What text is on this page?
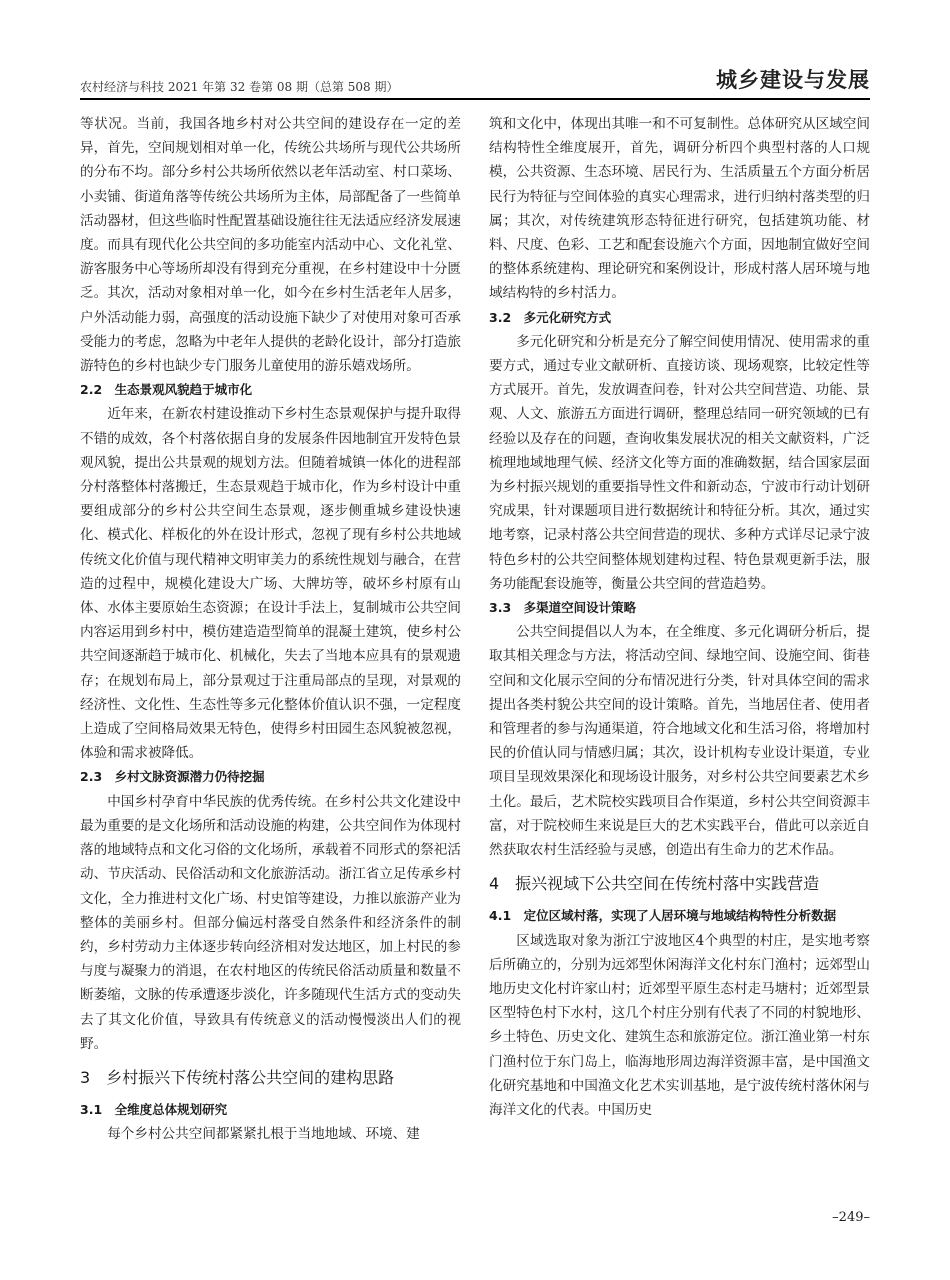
农村经济与科技 2021 年第 32 卷第 08 期（总第 508 期）	城乡建设与发展

等状况。当前，我国各地乡村对公共空间的建设存在一定的差异，首先，空间规划相对单一化，传统公共场所与现代公共场所的分布不均。部分乡村公共场所依然以老年活动室、村口菜场、小卖铺、街道角落等传统公共场所为主体，局部配备了一些简单活动器材，但这些临时性配置基础设施往往无法适应经济发展速度。而具有现代化公共空间的多功能室内活动中心、文化礼堂、游客服务中心等场所却没有得到充分重视，在乡村建设中十分匮乏。其次，活动对象相对单一化，如今在乡村生活老年人居多，户外活动能力弱，高强度的活动设施下缺少了对使用对象可否承受能力的考虑，忽略为中老年人提供的老龄化设计，部分打造旅游特色的乡村也缺少专门服务儿童使用的游乐嬉戏场所。

2.2　生态景观风貌趋于城市化

近年来，在新农村建设推动下乡村生态景观保护与提升取得不错的成效，各个村落依据自身的发展条件因地制宜开发特色景观风貌，提出公共景观的规划方法。但随着城镇一体化的进程部分村落整体村落搬迁，生态景观趋于城市化，作为乡村设计中重要组成部分的乡村公共空间生态景观，逐步侧重城乡建设快速化、模式化、样板化的外在设计形式，忽视了现有乡村公共地域传统文化价值与现代精神文明审美力的系统性规划与融合，在营造的过程中，规模化建设大广场、大牌坊等，破坏乡村原有山体、水体主要原始生态资源；在设计手法上，复制城市公共空间内容运用到乡村中，模仿建造造型简单的混凝土建筑，使乡村公共空间逐渐趋于城市化、机械化，失去了当地本应具有的景观遗存；在规划布局上，部分景观过于注重局部点的呈现，对景观的经济性、文化性、生态性等多元化整体价值认识不强，一定程度上造成了空间格局效果无特色，使得乡村田园生态风貌被忽视，体验和需求被降低。

2.3　乡村文脉资源潜力仍待挖掘

中国乡村孕育中华民族的优秀传统。在乡村公共文化建设中最为重要的是文化场所和活动设施的构建，公共空间作为体现村落的地域特点和文化习俗的文化场所，承载着不同形式的祭祀活动、节庆活动、民俗活动和文化旅游活动。浙江省立足传承乡村文化，全力推进村文化广场、村史馆等建设，力推以旅游产业为整体的美丽乡村。但部分偏远村落受自然条件和经济条件的制约，乡村劳动力主体逐步转向经济相对发达地区，加上村民的参与度与凝聚力的消退，在农村地区的传统民俗活动质量和数量不断萎缩，文脉的传承遭逐步淡化，许多随现代生活方式的变动失去了其文化价值，导致具有传统意义的活动慢慢淡出人们的视野。

3　乡村振兴下传统村落公共空间的建构思路
3.1　全维度总体规划研究

每个乡村公共空间都紧紧扎根于当地地域、环境、建

筑和文化中，体现出其唯一和不可复制性。总体研究从区域空间结构特性全维度展开，首先，调研分析四个典型村落的人口规模，公共资源、生态环境、居民行为、生活质量五个方面分析居民行为特征与空间体验的真实心理需求，进行归纳村落类型的归属；其次，对传统建筑形态特征进行研究，包括建筑功能、材料、尺度、色彩、工艺和配套设施六个方面，因地制宜做好空间的整体系统建构、理论研究和案例设计，形成村落人居环境与地域结构特的乡村活力。

3.2　多元化研究方式

多元化研究和分析是充分了解空间使用情况、使用需求的重要方式，通过专业文献研析、直接访谈、现场观察，比较定性等方式展开。首先，发放调查问卷，针对公共空间营造、功能、景观、人文、旅游五方面进行调研，整理总结同一研究领域的已有经验以及存在的问题，查询收集发展状况的相关文献资料，广泛梳理地域地理气候、经济文化等方面的准确数据，结合国家层面为乡村振兴规划的重要指导性文件和新动态，宁波市行动计划研究成果，针对课题项目进行数据统计和特征分析。其次，通过实地考察，记录村落公共空间营造的现状、多种方式详尽记录宁波特色乡村的公共空间整体规划建构过程、特色景观更新手法，服务功能配套设施等，衡量公共空间的营造趋势。

3.3　多渠道空间设计策略

公共空间提倡以人为本，在全维度、多元化调研分析后，提取其相关理念与方法，将活动空间、绿地空间、设施空间、街巷空间和文化展示空间的分布情况进行分类，针对具体空间的需求提出各类村貌公共空间的设计策略。首先，当地居住者、使用者和管理者的参与沟通渠道，符合地域文化和生活习俗，将增加村民的价值认同与情感归属；其次，设计机构专业设计渠道，专业项目呈现效果深化和现场设计服务，对乡村公共空间要素艺术乡土化。最后，艺术院校实践项目合作渠道，乡村公共空间资源丰富，对于院校师生来说是巨大的艺术实践平台，借此可以亲近自然获取农村生活经验与灵感，创造出有生命力的艺术作品。

4　振兴视域下公共空间在传统村落中实践营造
4.1　定位区域村落，实现了人居环境与地域结构特性分析数据

区域选取对象为浙江宁波地区4个典型的村庄，是实地考察后所确立的，分别为远郊型休闲海洋文化村东门渔村；远郊型山地历史文化村许家山村；近郊型平原生态村走马塘村；近郊型景区型特色村下水村，这几个村庄分别有代表了不同的村貌地形、乡土特色、历史文化、建筑生态和旅游定位。浙江渔业第一村东门渔村位于东门岛上，临海地形周边海洋资源丰富，是中国渔文化研究基地和中国渔文化艺术实训基地，是宁波传统村落休闲与海洋文化的代表。中国历史

–249–
